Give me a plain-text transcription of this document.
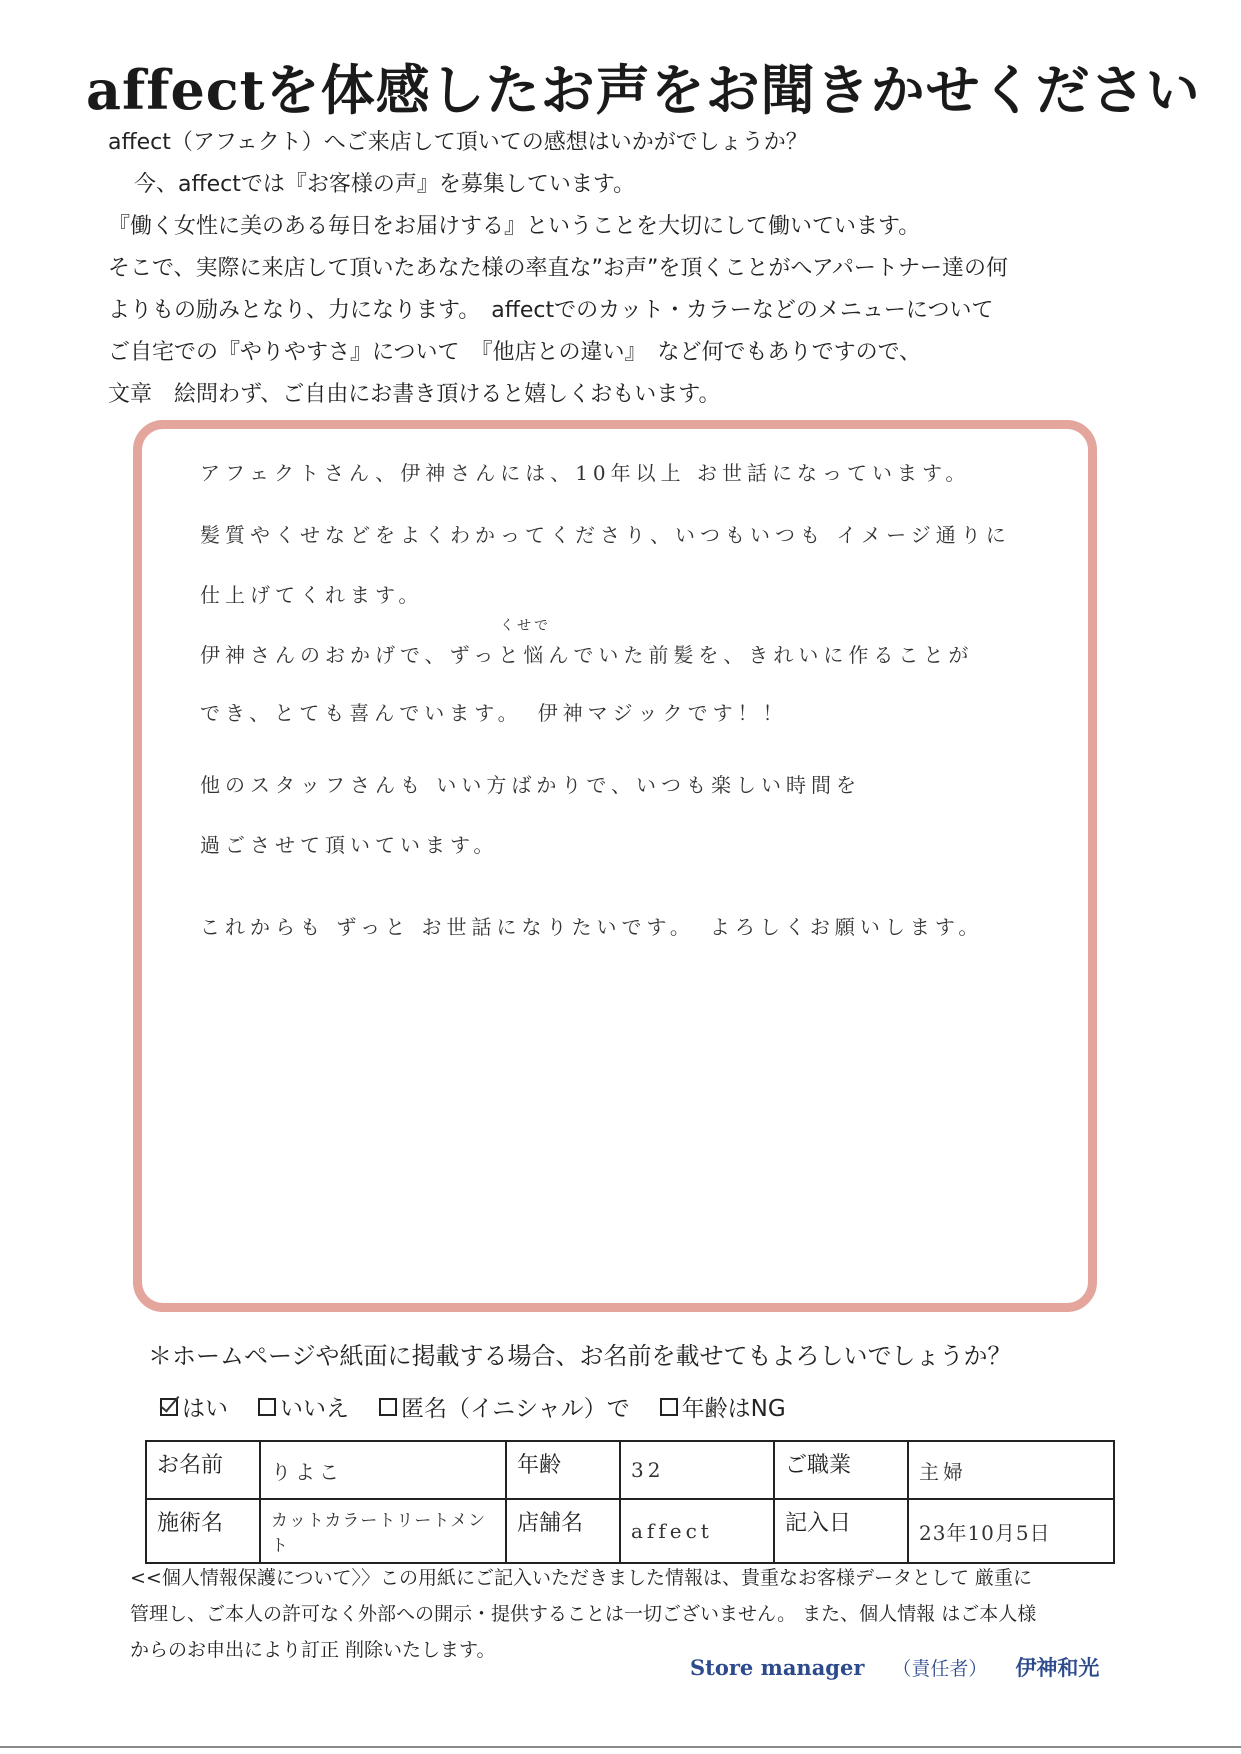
affectを体感したお声をお聞きかせください

affect（アフェクト）へご来店して頂いての感想はいかがでしょうか？

今、affectでは『お客様の声』を募集しています。

『働く女性に美のある毎日をお届けする』ということを大切にして働いています。

そこで、実際に来店して頂いたあなた様の率直な”お声”を頂くことがへアパートナー達の何

よりもの励みとなり、力になります。　affectでのカット・カラーなどのメニューについて

ご自宅での『やりやすさ』について　『他店との違い』　など何でもありですので、

文章　絵問わず、ご自由にお書き頂けると嬉しくおもいます。

アフェクトさん、伊神さんには、10年以上 お世話になっています。
髪質やくせなどをよくわかってくださり、いつもいつも イメージ通りに
仕上げてくれます。
くせで
伊神さんのおかげで、ずっと悩んでいた前髪を、きれいに作ることが
でき、とても喜んでいます。　伊神マジックです！！
他のスタッフさんも いい方ばかりで、いつも楽しい時間を
過ごさせて頂いています。
これからも ずっと お世話になりたいです。　よろしくお願いします。
＊ホームページや紙面に掲載する場合、お名前を載せてもよろしいでしょうか？
はい いいえ 匿名（イニシャル）で 年齢はNG
お名前	りよこ	年齢	32	ご職業	主婦
施術名	カットカラートリートメント	店舗名	affect	記入日	23年10月5日

<<個人情報保護について〉〉この用紙にご記入いただきました情報は、貴重なお客様データとして 厳重に

管理し、ご本人の許可なく外部への開示・提供することは一切ございません。 また、個人情報 はご本人様

からのお申出により訂正 削除いたします。

Store manager （責任者） 伊神和光
